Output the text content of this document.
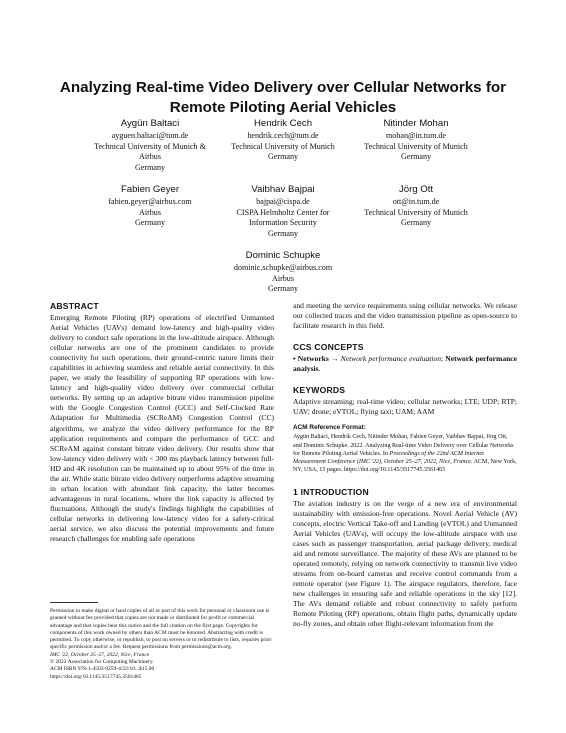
Analyzing Real-time Video Delivery over Cellular Networks for
Remote Piloting Aerial Vehicles
Aygün Baltaci
ayguen.baltaci@tum.de
Technical University of Munich &
Airbus
Germany
Hendrik Cech
hendrik.cech@tum.de
Technical University of Munich
Germany
Nitinder Mohan
mohan@in.tum.de
Technical University of Munich
Germany
Fabien Geyer
fabien.geyer@airbus.com
Airbus
Germany
Vaibhav Bajpai
bajpai@cispa.de
CISPA Helmholtz Center for
Information Security
Germany
Jörg Ott
ott@in.tum.de
Technical University of Munich
Germany
Dominic Schupke
dominic.schupke@airbus.com
Airbus
Germany
ABSTRACT
Emerging Remote Piloting (RP) operations of electrified Unmanned Aerial Vehicles (UAVs) demand low-latency and high-quality video delivery to conduct safe operations in the low-altitude airspace. Although cellular networks are one of the prominent candidates to provide connectivity for such operations, their ground-centric nature limits their capabilities in achieving seamless and reliable aerial connectivity. In this paper, we study the feasibility of supporting RP operations with low-latency and high-quality video delivery over commercial cellular networks. By setting up an adaptive bitrate video transmission pipeline with the Google Congestion Control (GCC) and Self-Clocked Rate Adaptation for Multimedia (SCReAM) Congestion Control (CC) algorithms, we analyze the video delivery performance for the RP application requirements and compare the performance of GCC and SCReAM against constant bitrate video delivery. Our results show that low-latency video delivery with < 300 ms playback latency between full-HD and 4K resolution can be maintained up to about 95% of the time in the air. While static bitrate video delivery outperforms adaptive streaming in urban location with abundant link capacity, the latter becomes advantageous in rural locations, where the link capacity is affected by fluctuations. Although the study's findings highlight the capabilities of cellular networks in delivering low-latency video for a safety-critical aerial service, we also discuss the potential improvements and future research challenges for enabling safe operations
Permission to make digital or hard copies of all or part of this work for personal or classroom use is granted without fee provided that copies are not made or distributed for profit or commercial advantage and that copies bear this notice and the full citation on the first page. Copyrights for components of this work owned by others than ACM must be honored. Abstracting with credit is permitted. To copy otherwise, or republish, to post on servers or to redistribute to lists, requires prior specific permission and/or a fee. Request permissions from permissions@acm.org.
IMC '22, October 25–27, 2022, Nice, France
© 2022 Association for Computing Machinery.
ACM ISBN 978-1-4503-9259-4/22/10...$15.00
https://doi.org/10.1145/3517745.3561465
and meeting the service requirements using cellular networks. We release our collected traces and the video transmission pipeline as open-source to facilitate research in this field.
CCS CONCEPTS
• Networks → Network performance evaluation; Network performance analysis.
KEYWORDS
Adaptive streaming; real-time video; cellular networks; LTE; UDP; RTP; UAV; drone; eVTOL; flying taxi; UAM; AAM
ACM Reference Format:
Aygün Baltaci, Hendrik Cech, Nitinder Mohan, Fabien Geyer, Vaibhav Bajpai, Jörg Ott, and Dominic Schupke. 2022. Analyzing Real-time Video Delivery over Cellular Networks for Remote Piloting Aerial Vehicles. In Proceedings of the 22nd ACM Internet Measurement Conference (IMC '22), October 25–27, 2022, Nice, France. ACM, New York, NY, USA, 15 pages. https://doi.org/10.1145/3517745.3561465
1 INTRODUCTION
The aviation industry is on the verge of a new era of environmental sustainability with emission-free operations. Novel Aerial Vehicle (AV) concepts, electric Vertical Take-off and Landing (eVTOL) and Unmanned Aerial Vehicles (UAVs), will occupy the low-altitude airspace with use cases such as passenger transportation, aerial package delivery, medical aid and remote surveillance. The majority of these AVs are planned to be operated remotely, relying on network connectivity to transmit live video streams from on-board cameras and receive control commands from a remote operator (see Figure 1). The airspace regulators, therefore, face new challenges in ensuring safe and reliable operations in the sky [12]. The AVs demand reliable and robust connectivity to safely perform Remote Piloting (RP) operations, obtain flight paths, dynamically update no-fly zones, and obtain other flight-relevant information from the
